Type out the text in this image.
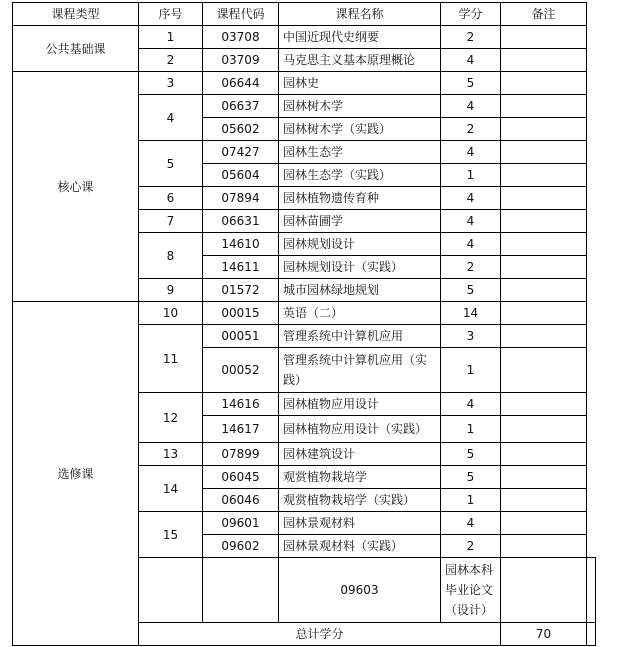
课程类型	序号	课程代码	课程名称	学分	备注	
公共基础课	1	03708	中国近现代史纲要	2		
	2	03709	马克思主义基本原理概论	4		
核心课	3	06644	园林史	5		
	4	06637	园林树木学	4		
		05602	园林树木学（实践）	2		
	5	07427	园林生态学	4		
		05604	园林生态学（实践）	1		
	6	07894	园林植物遗传育种	4		
	7	06631	园林苗圃学	4		
	8	14610	园林规划设计	4		
		14611	园林规划设计（实践）	2		
	9	01572	城市园林绿地规划	5		
选修课	10	00015	英语（二）	14		
	11	00051	管理系统中计算机应用	3		
		00052	管理系统中计算机应用（实践）	1		
	12	14616	园林植物应用设计	4		
		14617	园林植物应用设计（实践）	1		
	13	07899	园林建筑设计	5		
	14	06045	观赏植物栽培学	5		
		06046	观赏植物栽培学（实践）	1		
	15	09601	园林景观材料	4		
		09602	园林景观材料（实践）	2		
			09603	园林本科毕业论文（设计）		
	总计学分				70	
